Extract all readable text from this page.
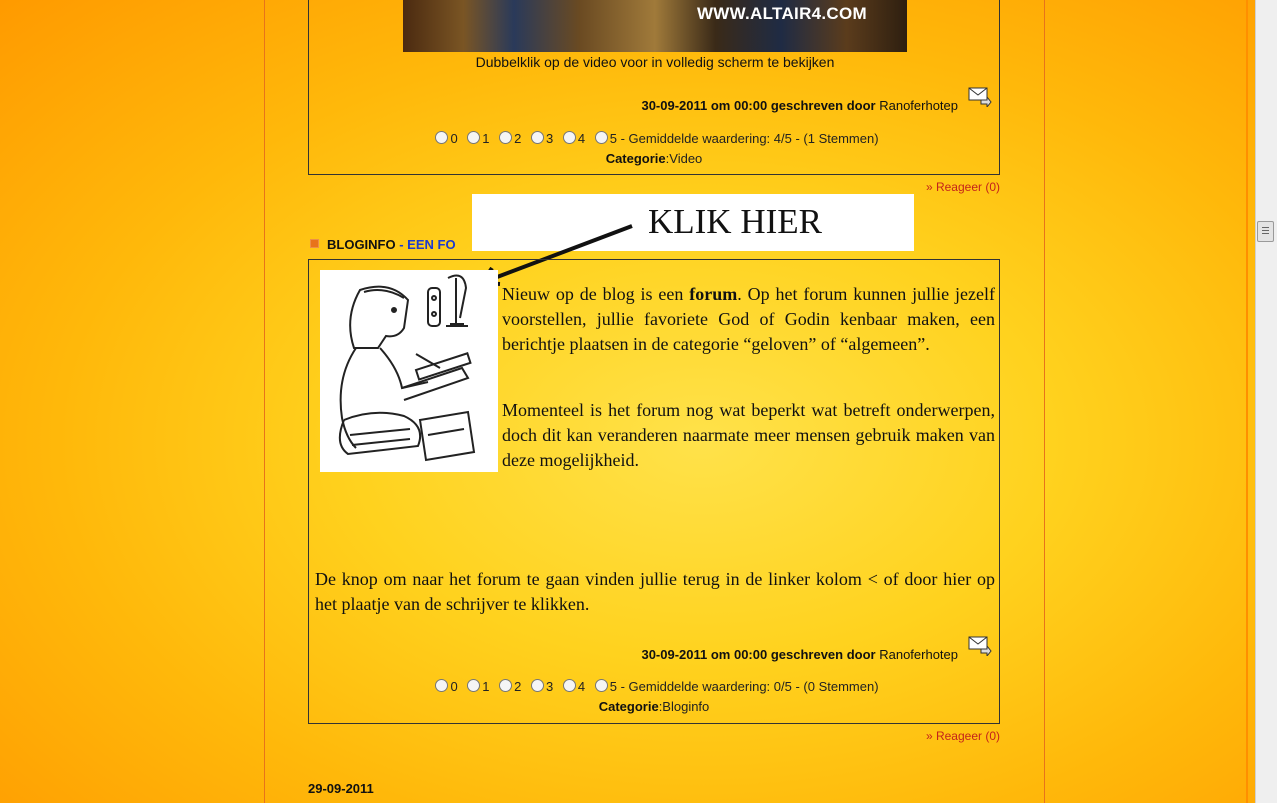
WWW.ALTAIR4.COM
Dubbelklik op de video voor in volledig scherm te bekijken
30-09-2011 om 00:00 geschreven door Ranoferhotep
0 1 2 3 4 5 - Gemiddelde waardering: 4/5 - (1 Stemmen)
Categorie:Video
» Reageer (0)
BLOGINFO - EEN FO
KLIK HIER
Nieuw op de blog is een forum. Op het forum kunnen jullie jezelf voorstellen, jullie favoriete God of Godin kenbaar maken, een berichtje plaatsen in de categorie “geloven” of “algemeen”.
Momenteel is het forum nog wat beperkt wat betreft onderwerpen, doch dit kan veranderen naarmate meer mensen gebruik maken van deze mogelijkheid.
De knop om naar het forum te gaan vinden jullie terug in de linker kolom < of door hier op het plaatje van de schrijver te klikken.
30-09-2011 om 00:00 geschreven door Ranoferhotep
0 1 2 3 4 5 - Gemiddelde waardering: 0/5 - (0 Stemmen)
Categorie:Bloginfo
» Reageer (0)
29-09-2011
